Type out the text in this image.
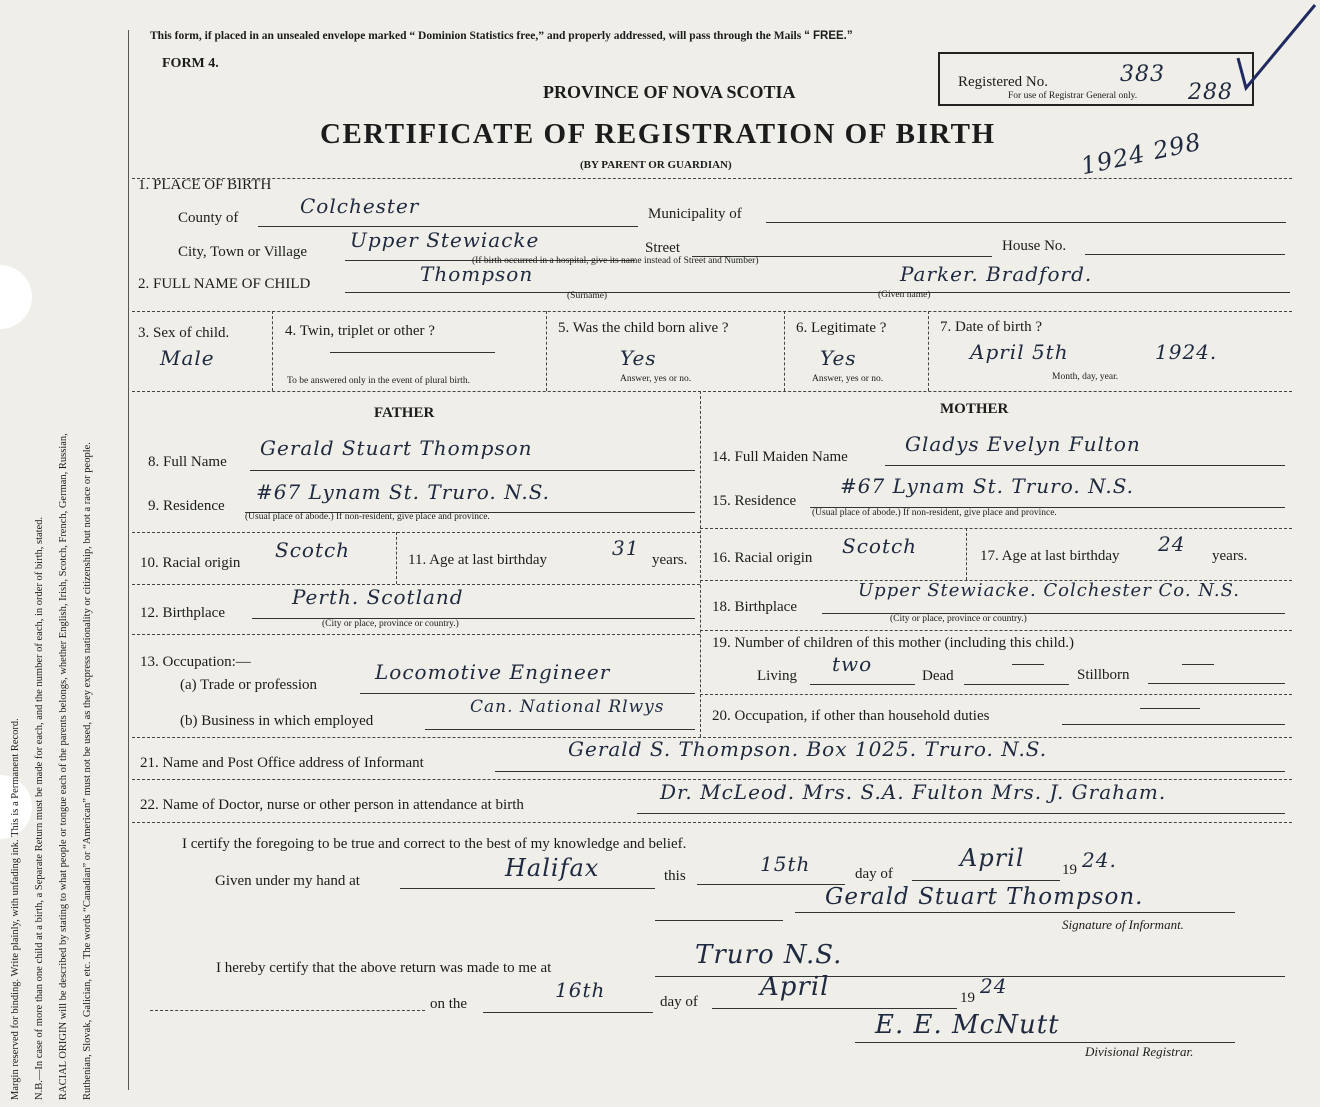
Margin reserved for binding. Write plainly, with unfading ink. This is a Permanent Record.	N.B.—In case of more than one child at a birth, a Separate Return must be made for each, and the number of each, in order of birth, stated.	RACIAL ORIGIN will be described by stating to what people or tongue each of the parents belongs, whether English, Irish, Scotch, French, German, Russian,	Ruthenian, Slovak, Galician, etc. The words “Canadian” or “American” must not be used, as they express nationality or citizenship, but not a race or people.
This form, if placed in an unsealed envelope marked “ Dominion Statistics free,” and properly addressed, will pass through the Mails “ FREE.”
FORM 4.
PROVINCE OF NOVA SCOTIA
CERTIFICATE OF REGISTRATION OF BIRTH
(BY PARENT OR GUARDIAN)
Registered No.
For use of Registrar General only.
383
288
1924 298
1. PLACE OF BIRTH
County of	Colchester	Municipality of
City, Town or Village Upper Stewiacke	Street	House No.
(If birth occurred in a hospital, give its name instead of Street and Number)
2. FULL NAME OF CHILD	Thompson	Parker. Bradford.
(Surname)	(Given name)
3. Sex of child.
Male
4. Twin, triplet or other ?
To be answered only in the event of plural birth.
5. Was the child born alive ?
Yes
Answer, yes or no.
6. Legitimate ?
Yes
Answer, yes or no.
7. Date of birth ?
April 5th	1924.
Month, day, year.
FATHER	MOTHER
8. Full Name
Gerald Stuart Thompson
9. Residence
#67 Lynam St. Truro. N.S.
(Usual place of abode.) If non-resident, give place and province.
10. Racial origin
Scotch	11. Age at last birthday	31 years.
12. Birthplace
Perth. Scotland
(City or place, province or country.)
13. Occupation:—
(a) Trade or profession
Locomotive Engineer
(b) Business in which employed
Can. National Rlwys
14. Full Maiden Name
Gladys Evelyn Fulton
15. Residence
#67 Lynam St. Truro. N.S.
(Usual place of abode.) If non-resident, give place and province.
16. Racial origin Scotch	17. Age at last birthday 24 years.
18. Birthplace
Upper Stewiacke. Colchester Co. N.S.
(City or place, province or country.)
19. Number of children of this mother (including this child.)
Living two	Dead	Stillborn
20. Occupation, if other than household duties
21. Name and Post Office address of Informant
Gerald S. Thompson. Box 1025. Truro. N.S.
22. Name of Doctor, nurse or other person in attendance at birth
Dr. McLeod. Mrs. S.A. Fulton Mrs. J. Graham.
I certify the foregoing to be true and correct to the best of my knowledge and belief.
Given under my hand at	Halifax	this	15th	day of
April 19 24.
Gerald Stuart Thompson.
Signature of Informant.
I hereby certify that the above return was made to me at	Truro N.S.
on the
16th	day of April	19 24
E. E. McNutt
Divisional Registrar.
